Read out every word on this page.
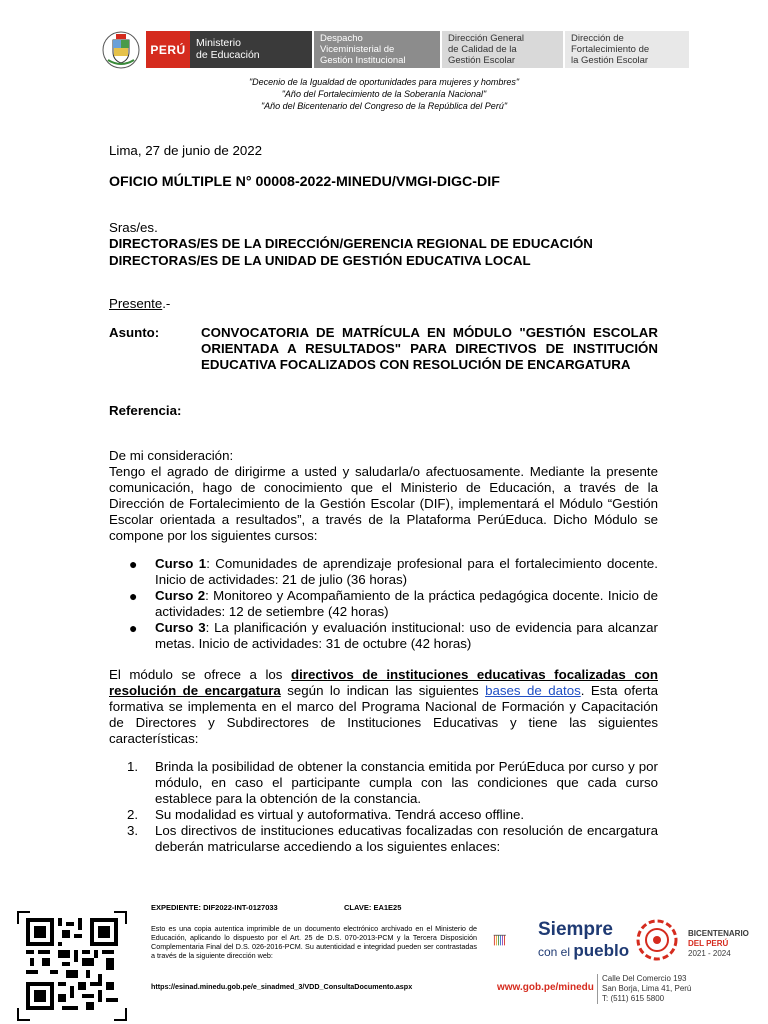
PERÚ Ministerio
de Educación
Despacho
Viceministerial de
Gestión Institucional
Dirección General
de Calidad de la
Gestión Escolar
Dirección de
Fortalecimiento de
la Gestión Escolar
"Decenio de la Igualdad de oportunidades para mujeres y hombres"
"Año del Fortalecimiento de la Soberanía Nacional"
"Año del Bicentenario del Congreso de la República del Perú"
Lima, 27 de junio de 2022
OFICIO MÚLTIPLE N° 00008-2022-MINEDU/VMGI-DIGC-DIF
Sras/es.
DIRECTORAS/ES DE LA DIRECCIÓN/GERENCIA REGIONAL DE EDUCACIÓN
DIRECTORAS/ES DE LA UNIDAD DE GESTIÓN EDUCATIVA LOCAL
Presente.-
Asunto:	CONVOCATORIA DE MATRÍCULA EN MÓDULO "GESTIÓN ESCOLAR ORIENTADA A RESULTADOS" PARA DIRECTIVOS DE INSTITUCIÓN EDUCATIVA FOCALIZADOS CON RESOLUCIÓN DE ENCARGATURA
Referencia:
De mi consideración:
Tengo el agrado de dirigirme a usted y saludarla/o afectuosamente. Mediante la presente comunicación, hago de conocimiento que el Ministerio de Educación, a través de la Dirección de Fortalecimiento de la Gestión Escolar (DIF), implementará el Módulo “Gestión Escolar orientada a resultados”, a través de la Plataforma PerúEduca. Dicho Módulo se compone por los siguientes cursos:
● Curso 1: Comunidades de aprendizaje profesional para el fortalecimiento docente. Inicio de actividades: 21 de julio (36 horas)
● Curso 2: Monitoreo y Acompañamiento de la práctica pedagógica docente. Inicio de actividades: 12 de setiembre (42 horas)
● Curso 3: La planificación y evaluación institucional: uso de evidencia para alcanzar metas. Inicio de actividades: 31 de octubre (42 horas)
El módulo se ofrece a los directivos de instituciones educativas focalizadas con resolución de encargatura según lo indican las siguientes bases de datos. Esta oferta formativa se implementa en el marco del Programa Nacional de Formación y Capacitación de Directores y Subdirectores de Instituciones Educativas y tiene las siguientes características:
1. Brinda la posibilidad de obtener la constancia emitida por PerúEduca por curso y por módulo, en caso el participante cumpla con las condiciones que cada curso establece para la obtención de la constancia.
2. Su modalidad es virtual y autoformativa. Tendrá acceso offline.
3. Los directivos de instituciones educativas focalizadas con resolución de encargatura deberán matricularse accediendo a los siguientes enlaces:
EXPEDIENTE: DIF2022-INT-0127033	CLAVE: EA1E25
Esto es una copia autentica imprimible de un documento electrónico archivado en el Ministerio de Educación, aplicando lo dispuesto por el Art. 25 de D.S. 070-2013-PCM y la Tercera Disposición Complementaria Final del D.S. 026-2016-PCM. Su autenticidad e integridad pueden ser contrastadas a través de la siguiente dirección web:
https://esinad.minedu.gob.pe/e_sinadmed_3/VDD_ConsultaDocumento.aspx
Siempre
con el pueblo
BICENTENARIO
DEL PERÚ
2021 - 2024
www.gob.pe/minedu
Calle Del Comercio 193
San Borja, Lima 41, Perú
T: (511) 615 5800
